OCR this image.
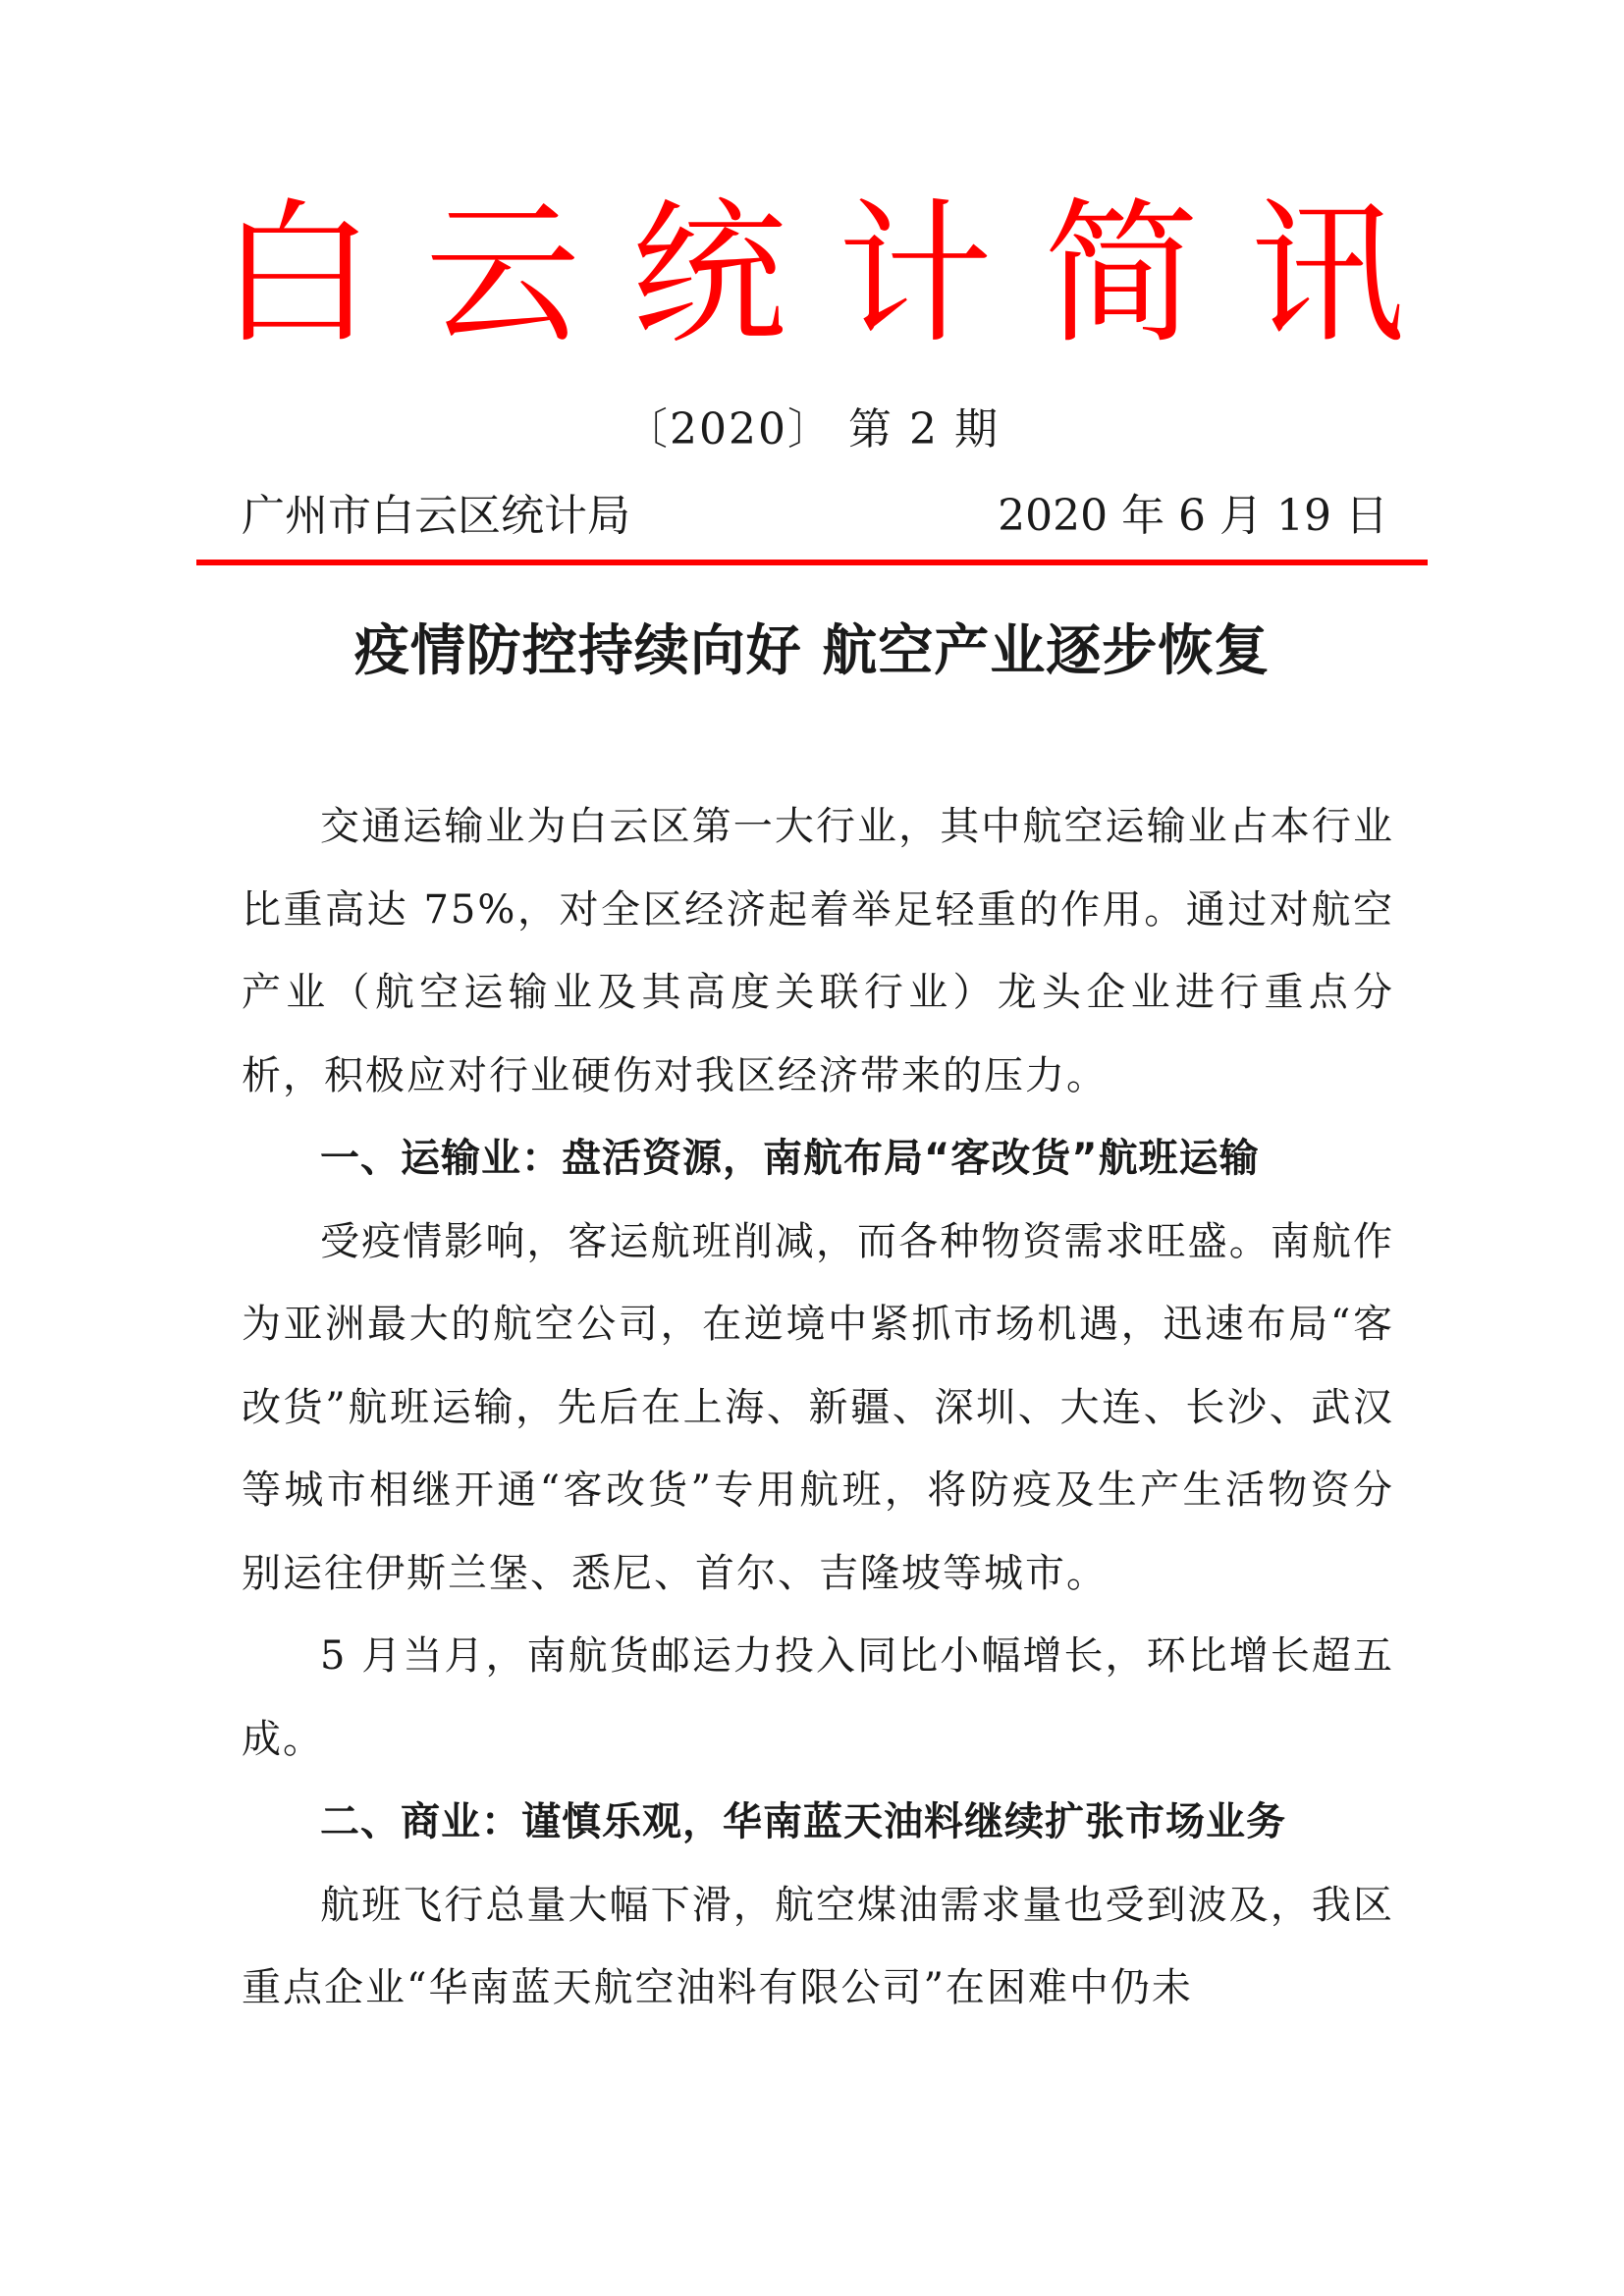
白云统计简讯
〔2020〕 第 2 期
广州市白云区统计局	2020 年 6 月 19 日
疫情防控持续向好 航空产业逐步恢复

交通运输业为白云区第一大行业，其中航空运输业占本行业比重高达 75%，对全区经济起着举足轻重的作用。通过对航空产业（航空运输业及其高度关联行业）龙头企业进行重点分析，积极应对行业硬伤对我区经济带来的压力。

一、运输业：盘活资源，南航布局“客改货”航班运输

受疫情影响，客运航班削减，而各种物资需求旺盛。南航作为亚洲最大的航空公司，在逆境中紧抓市场机遇，迅速布局“客改货”航班运输，先后在上海、新疆、深圳、大连、长沙、武汉等城市相继开通“客改货”专用航班，将防疫及生产生活物资分别运往伊斯兰堡、悉尼、首尔、吉隆坡等城市。

5 月当月，南航货邮运力投入同比小幅增长，环比增长超五成。

二、商业：谨慎乐观，华南蓝天油料继续扩张市场业务

航班飞行总量大幅下滑，航空煤油需求量也受到波及，我区重点企业“华南蓝天航空油料有限公司”在困难中仍未
